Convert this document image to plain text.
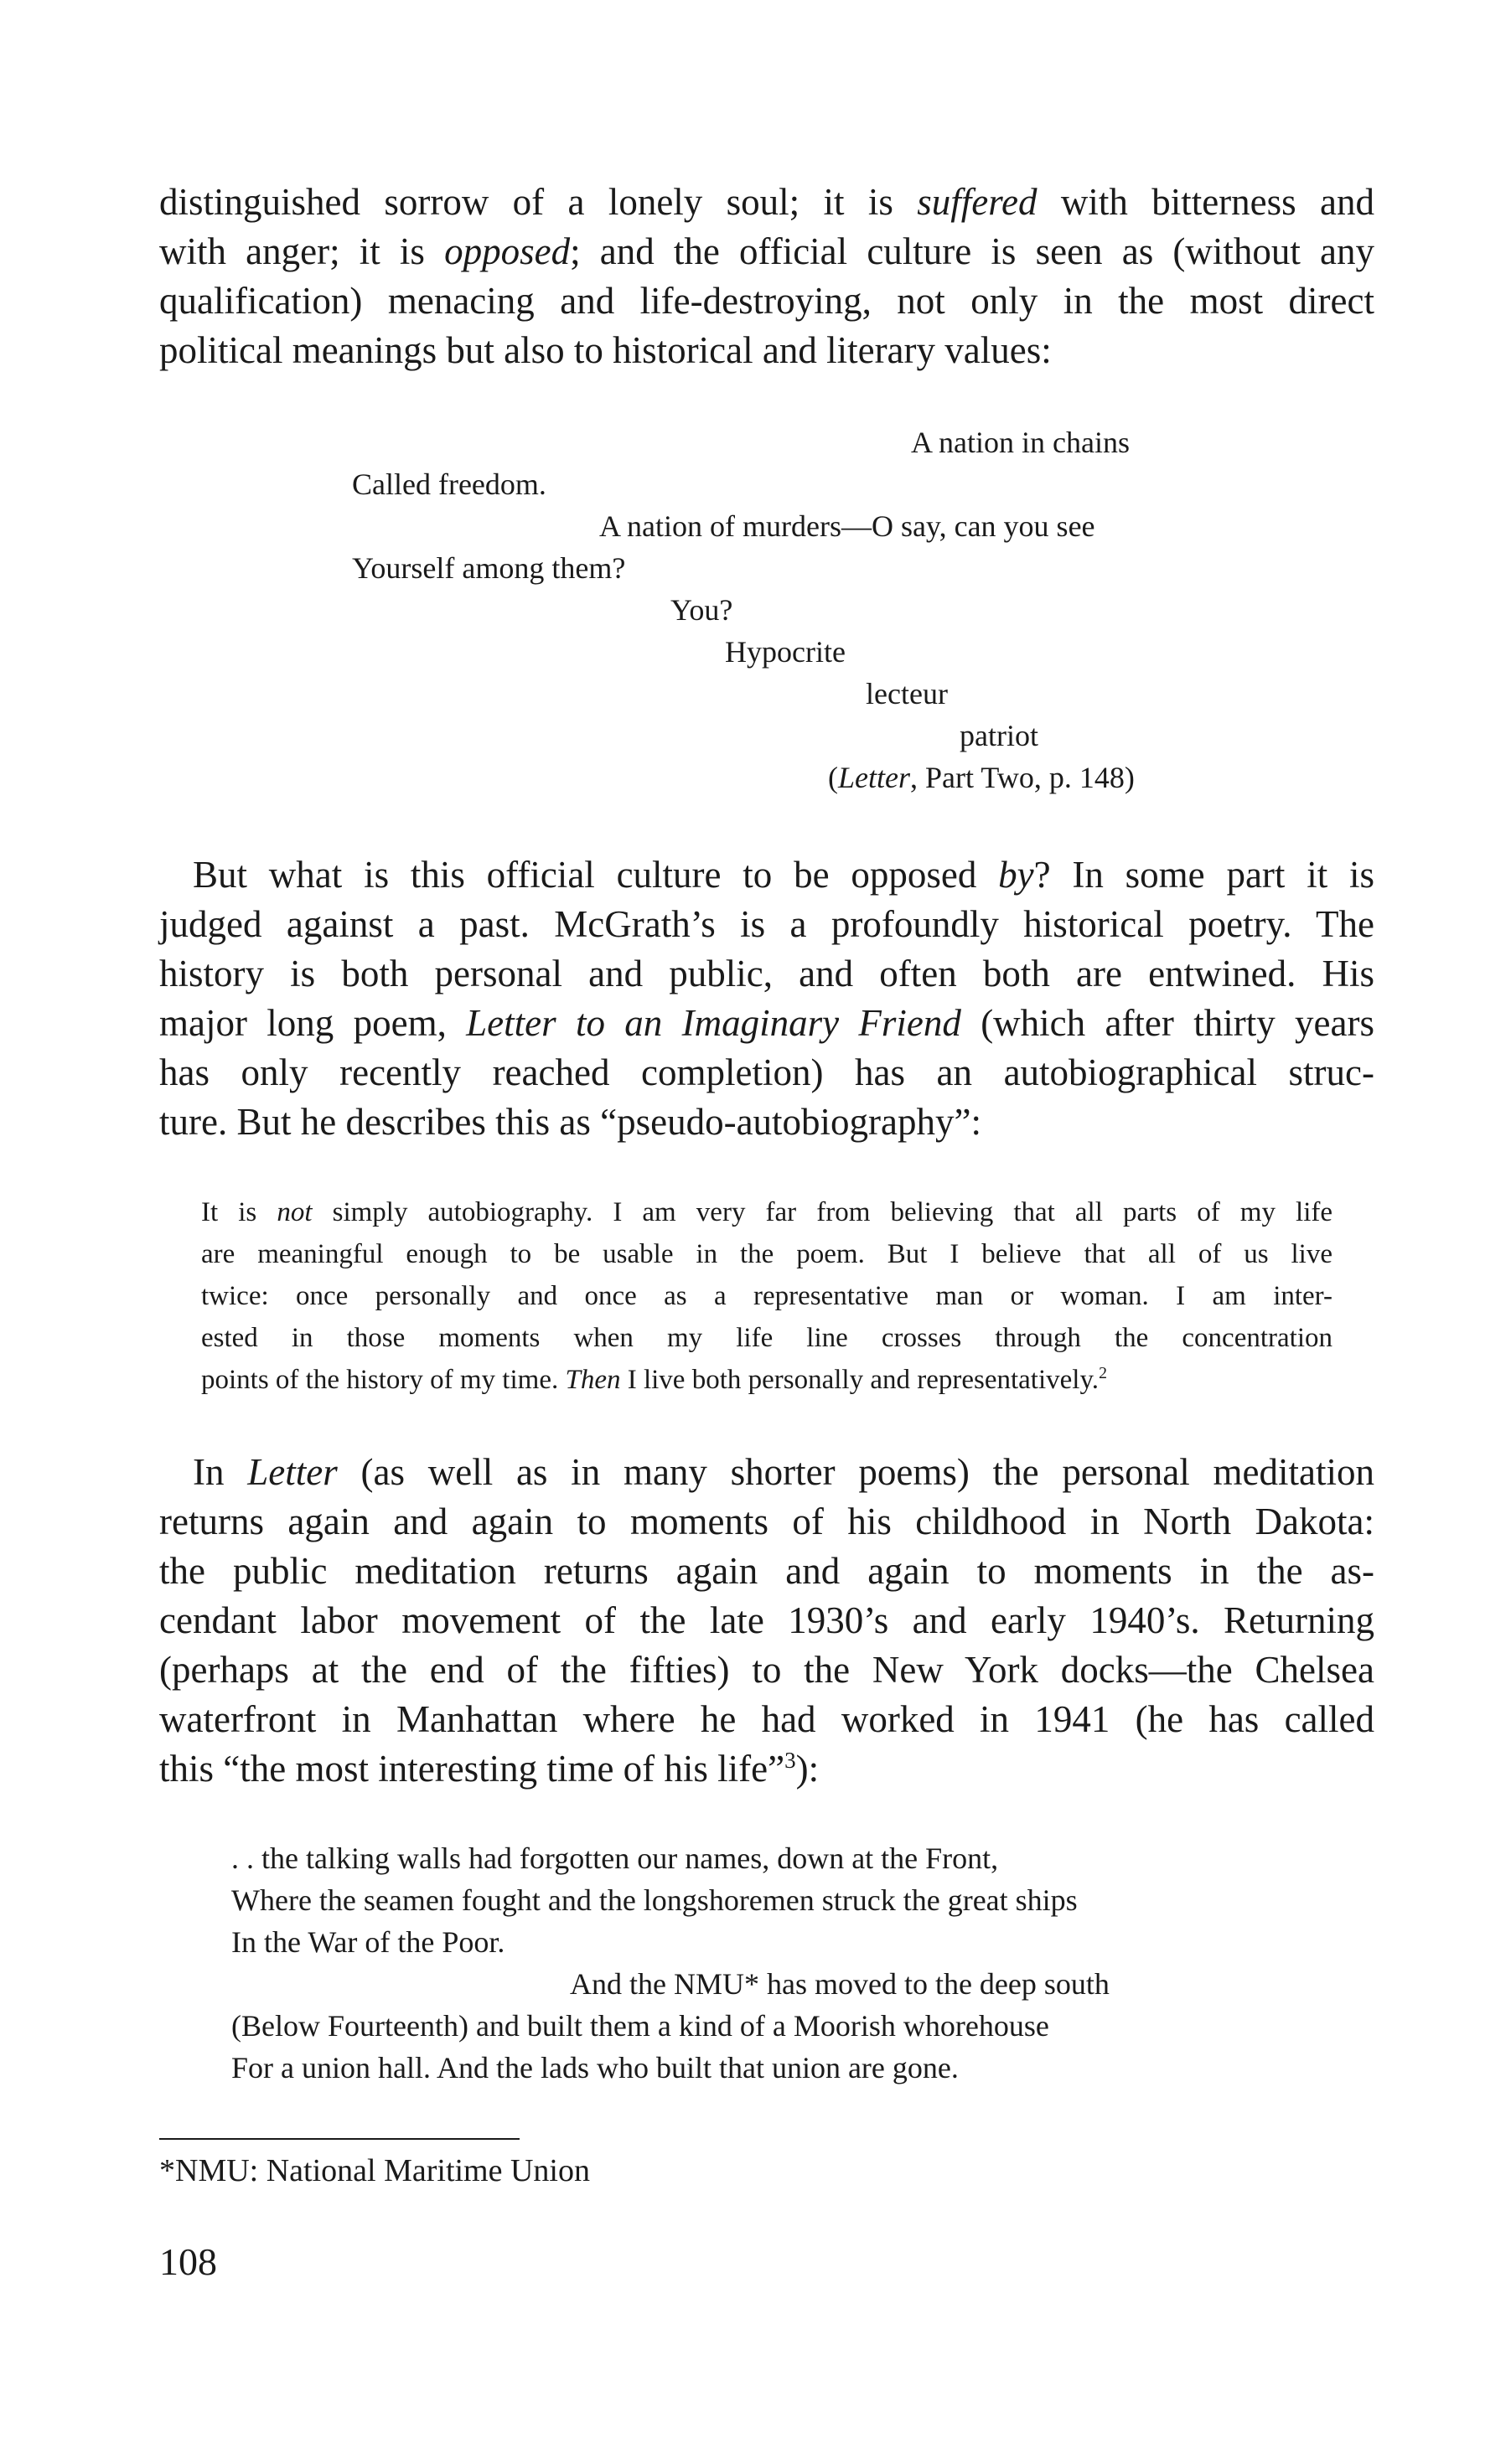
distinguished sorrow of a lonely soul; it is suffered with bitterness and
with anger; it is opposed; and the official culture is seen as (without any
qualification) menacing and life-destroying, not only in the most direct
political meanings but also to historical and literary values:
A nation in chains
Called freedom.
A nation of murders—O say, can you see
Yourself among them?
You?
Hypocrite
lecteur
patriot
(Letter, Part Two, p. 148)
But what is this official culture to be opposed by? In some part it is
judged against a past. McGrath’s is a profoundly historical poetry. The
history is both personal and public, and often both are entwined. His
major long poem, Letter to an Imaginary Friend (which after thirty years
has only recently reached completion) has an autobiographical struc-
ture. But he describes this as “pseudo-autobiography”:
It is not simply autobiography. I am very far from believing that all parts of my life
are meaningful enough to be usable in the poem. But I believe that all of us live
twice: once personally and once as a representative man or woman. I am inter-
ested in those moments when my life line crosses through the concentration
points of the history of my time. Then I live both personally and representatively.$^2$
In Letter (as well as in many shorter poems) the personal meditation
returns again and again to moments of his childhood in North Dakota:
the public meditation returns again and again to moments in the as-
cendant labor movement of the late 1930’s and early 1940’s. Returning
(perhaps at the end of the fifties) to the New York docks—the Chelsea
waterfront in Manhattan where he had worked in 1941 (he has called
this “the most interesting time of his life”$^3$):
. . the talking walls had forgotten our names, down at the Front,
Where the seamen fought and the longshoremen struck the great ships
In the War of the Poor.
And the NMU* has moved to the deep south
(Below Fourteenth) and built them a kind of a Moorish whorehouse
For a union hall. And the lads who built that union are gone.
*NMU: National Maritime Union
108
